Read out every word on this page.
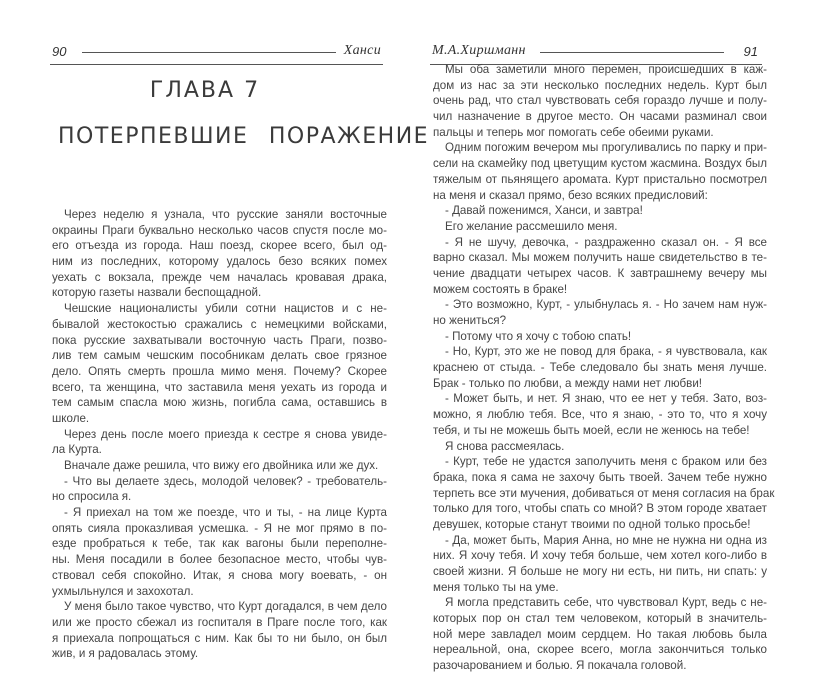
90	Ханси
ГЛАВА 7
ПОТЕРПЕВШИЕ ПОРАЖЕНИЕ
Через неделю я узнала, что русские заняли восточные
окраины Праги буквально несколько часов спустя после мо-
его отъезда из города. Наш поезд, скорее всего, был од-
ним из последних, которому удалось безо всяких помех
уехать с вокзала, прежде чем началась кровавая драка,
которую газеты назвали беспощадной.
Чешские националисты убили сотни нацистов и с не-
бывалой жестокостью сражались с немецкими войсками,
пока русские захватывали восточную часть Праги, позво-
лив тем самым чешским пособникам делать свое грязное
дело. Опять смерть прошла мимо меня. Почему? Скорее
всего, та женщина, что заставила меня уехать из города и
тем самым спасла мою жизнь, погибла сама, оставшись в
школе.
Через день после моего приезда к сестре я снова увиде-
ла Курта.
Вначале даже решила, что вижу его двойника или же дух.
- Что вы делаете здесь, молодой человек? - требователь-
но спросила я.
- Я приехал на том же поезде, что и ты, - на лице Курта
опять сияла проказливая усмешка. - Я не мог прямо в по-
езде пробраться к тебе, так как вагоны были переполне-
ны. Меня посадили в более безопасное место, чтобы чув-
ствовал себя спокойно. Итак, я снова могу воевать, - он
ухмыльнулся и захохотал.
У меня было такое чувство, что Курт догадался, в чем дело
или же просто сбежал из госпиталя в Праге после того, как
я приехала попрощаться с ним. Как бы то ни было, он был
жив, и я радовалась этому.
М.А.Хиршманн	91
Мы оба заметили много перемен, происшедших в каж-
дом из нас за эти несколько последних недель. Курт был
очень рад, что стал чувствовать себя гораздо лучше и полу-
чил назначение в другое место. Он часами разминал свои
пальцы и теперь мог помогать себе обеими руками.
Одним погожим вечером мы прогуливались по парку и при-
сели на скамейку под цветущим кустом жасмина. Воздух был
тяжелым от пьянящего аромата. Курт пристально посмотрел
на меня и сказал прямо, безо всяких предисловий:
- Давай поженимся, Ханси, и завтра!
Его желание рассмешило меня.
- Я не шучу, девочка, - раздраженно сказал он. - Я все
варно сказал. Мы можем получить наше свидетельство в те-
чение двадцати четырех часов. К завтрашнему вечеру мы
можем состоять в браке!
- Это возможно, Курт, - улыбнулась я. - Но зачем нам нуж-
но жениться?
- Потому что я хочу с тобою спать!
- Но, Курт, это же не повод для брака, - я чувствовала, как
краснею от стыда. - Тебе следовало бы знать меня лучше.
Брак - только по любви, а между нами нет любви!
- Может быть, и нет. Я знаю, что ее нет у тебя. Зато, воз-
можно, я люблю тебя. Все, что я знаю, - это то, что я хочу
тебя, и ты не можешь быть моей, если не женюсь на тебе!
Я снова рассмеялась.
- Курт, тебе не удастся заполучить меня с браком или без
брака, пока я сама не захочу быть твоей. Зачем тебе нужно
терпеть все эти мучения, добиваться от меня согласия на брак
только для того, чтобы спать со мной? В этом городе хватает
девушек, которые станут твоими по одной только просьбе!
- Да, может быть, Мария Анна, но мне не нужна ни одна из
них. Я хочу тебя. И хочу тебя больше, чем хотел кого-либо в
своей жизни. Я больше не могу ни есть, ни пить, ни спать: у
меня только ты на уме.
Я могла представить себе, что чувствовал Курт, ведь с не-
которых пор он стал тем человеком, который в значитель-
ной мере завладел моим сердцем. Но такая любовь была
нереальной, она, скорее всего, могла закончиться только
разочарованием и болью. Я покачала головой.
